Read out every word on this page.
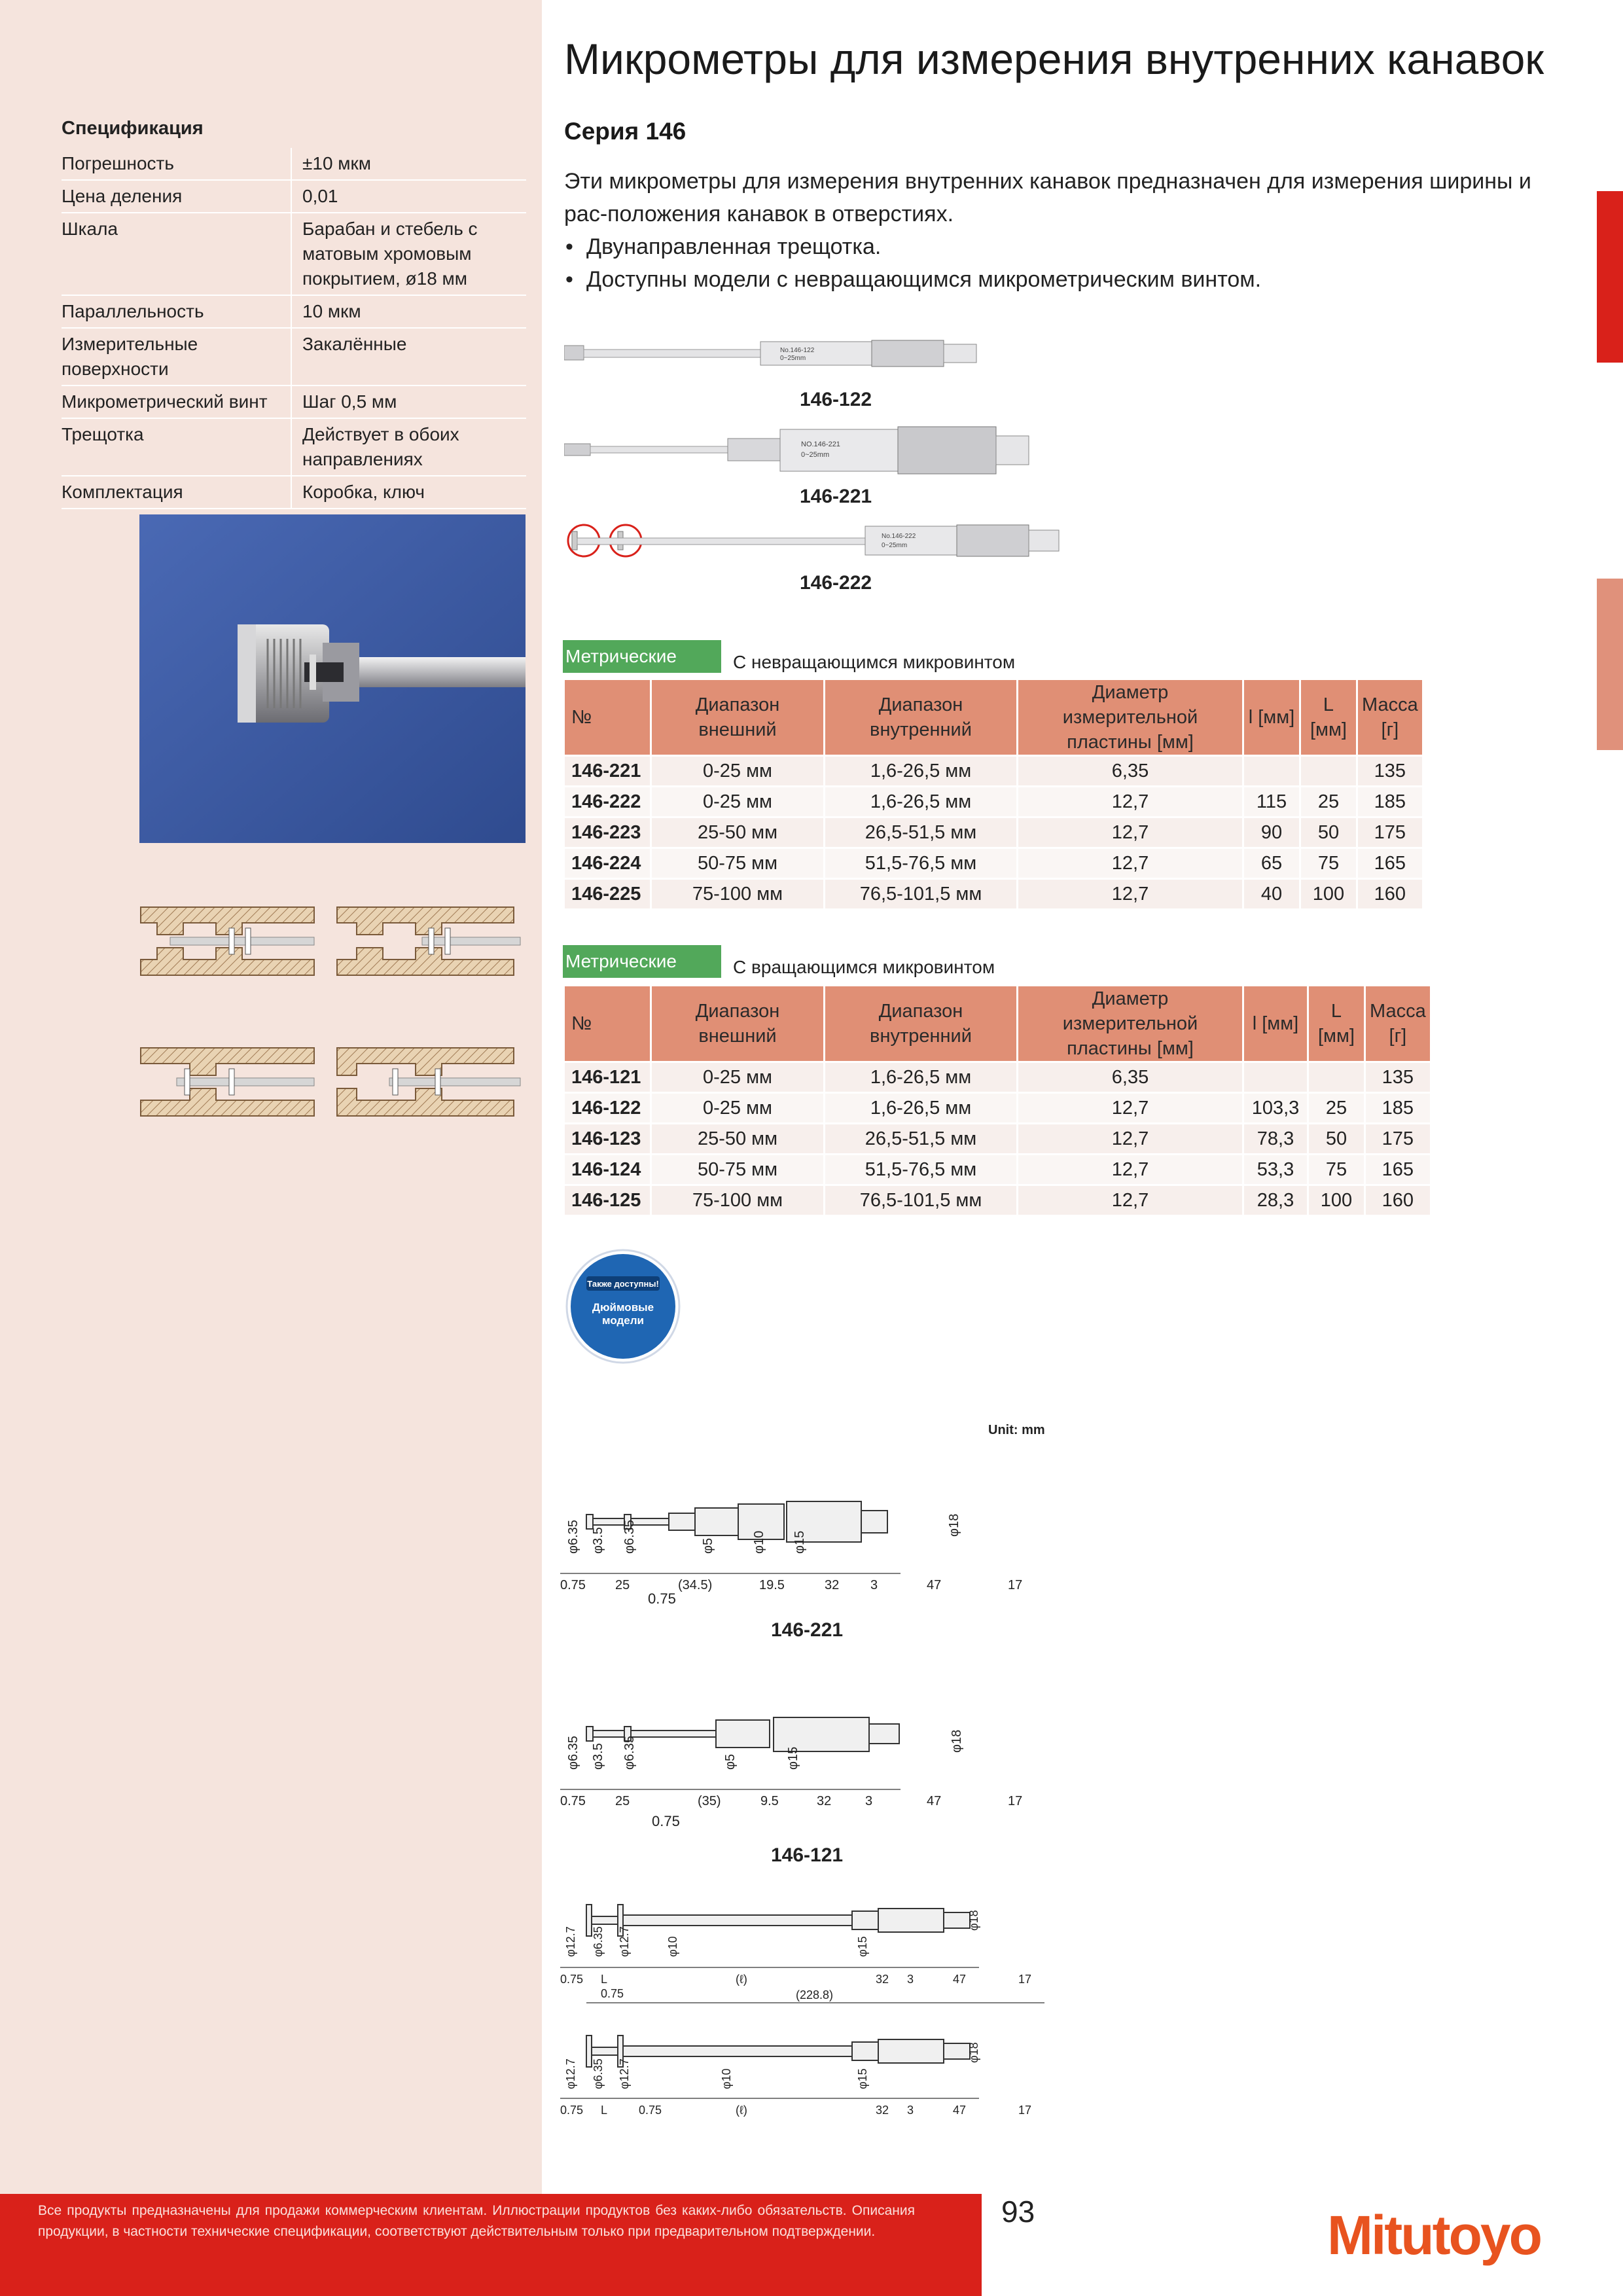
Микрометры для измерения внутренних канавок
Серия 146

Эти микрометры для измерения внутренних канавок предназначен для измерения ширины и рас-положения канавок в отверстиях.

• Двунаправленная трещотка.
• Доступны модели с невращающимся микрометрическим винтом.
Спецификация
Погрешность	±10 мкм
Цена деления	0,01
Шкала	Барабан и стебель с матовым хромовым покрытием, ø18 мм
Параллельность	10 мкм
Измерительные поверхности	Закалённые
Микрометрический винт	Шаг 0,5 мм
Трещотка	Действует в обоих направлениях
Комплектация	Коробка, ключ
No.146-122
0~25mm
146-122
NO.146-221
0~25mm
146-221
No.146-222
0~25mm
146-222
Метрические	С невращающимся микровинтом
№	Диапазон внешний	Диапазон внутренний	Диаметр измерительной пластины [мм]	l [мм]	L [мм]	Масса [г]
146-221	0-25 мм	1,6-26,5 мм	6,35			135
146-222	0-25 мм	1,6-26,5 мм	12,7	115	25	185
146-223	25-50 мм	26,5-51,5 мм	12,7	90	50	175
146-224	50-75 мм	51,5-76,5 мм	12,7	65	75	165
146-225	75-100 мм	76,5-101,5 мм	12,7	40	100	160
Метрические	С вращающимся микровинтом
№	Диапазон внешний	Диапазон внутренний	Диаметр измерительной пластины [мм]	l [мм]	L [мм]	Масса [г]
146-121	0-25 мм	1,6-26,5 мм	6,35			135
146-122	0-25 мм	1,6-26,5 мм	12,7	103,3	25	185
146-123	25-50 мм	26,5-51,5 мм	12,7	78,3	50	175
146-124	50-75 мм	51,5-76,5 мм	12,7	53,3	75	165
146-125	75-100 мм	76,5-101,5 мм	12,7	28,3	100	160
Также доступны!
Дюймовые модели
Unit: mm
φ6.35 φ3.5 φ6.35	φ5	φ10 φ15
φ18
0.75 25	(34.5)	19.5	32 3	47	17
0.75
146-221
φ6.35 φ3.5 φ6.35	φ5	φ15
φ18
0.75 25	(35)	9.5	32	3	47	17
0.75
146-121
φ12.7 φ6.35 φ12.7	φ10	φ15
φ18
0.75 L	(ℓ)	32 3	47	17
0.75	(228.8)
φ12.7 φ6.35 φ12.7	φ10	φ15
φ18
0.75 L	0.75	(ℓ)	32 3	47	17
Все продукты предназначены для продажи коммерческим клиентам. Иллюстрации продуктов без каких-либо обязательств. Описания продукции, в частности технические спецификации, соответствуют действительным только при предварительном подтверждении.
93	Mitutoyo
